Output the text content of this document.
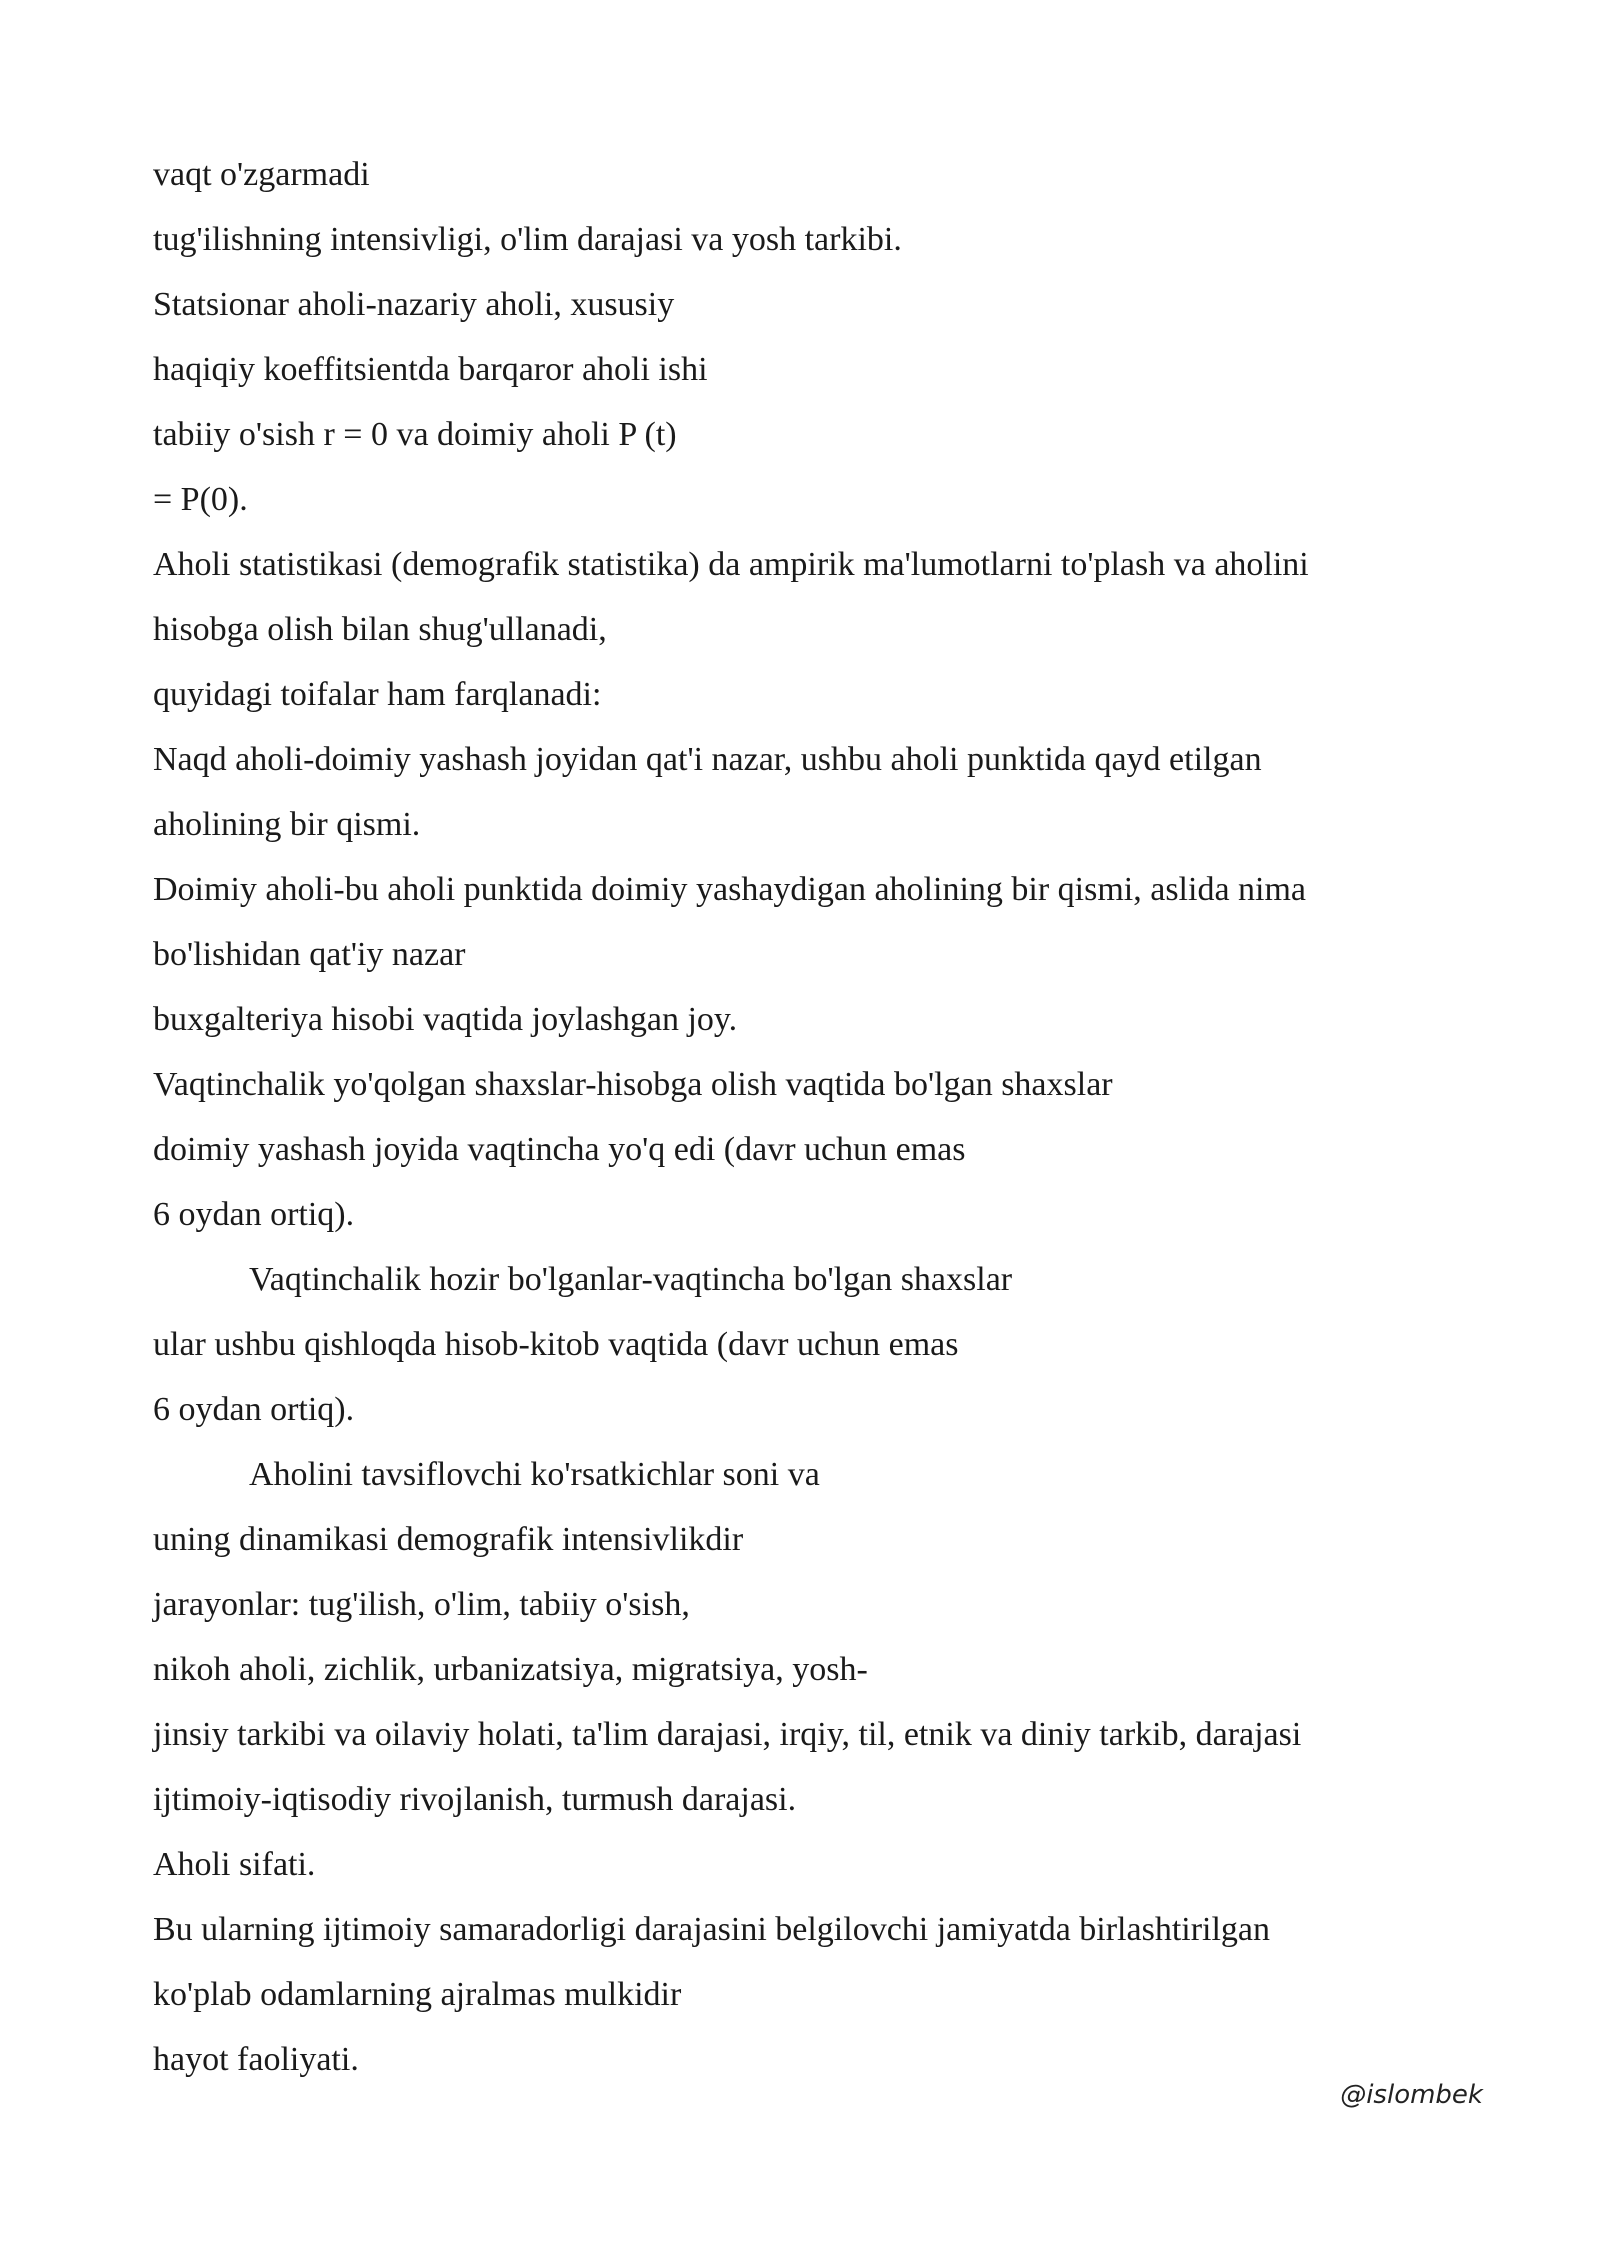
vaqt o'zgarmadi
tug'ilishning intensivligi, o'lim darajasi va yosh tarkibi.
Statsionar aholi-nazariy aholi, xususiy
haqiqiy koeffitsientda barqaror aholi ishi
tabiiy o'sish r = 0 va doimiy aholi P (t)
= P(0).
Aholi statistikasi (demografik statistika) da ampirik ma'lumotlarni to'plash va aholini
hisobga olish bilan shug'ullanadi,
quyidagi toifalar ham farqlanadi:
Naqd aholi-doimiy yashash joyidan qat'i nazar, ushbu aholi punktida qayd etilgan
aholining bir qismi.
Doimiy aholi-bu aholi punktida doimiy yashaydigan aholining bir qismi, aslida nima
bo'lishidan qat'iy nazar
buxgalteriya hisobi vaqtida joylashgan joy.
Vaqtinchalik yo'qolgan shaxslar-hisobga olish vaqtida bo'lgan shaxslar
doimiy yashash joyida vaqtincha yo'q edi (davr uchun emas
6 oydan ortiq).
Vaqtinchalik hozir bo'lganlar-vaqtincha bo'lgan shaxslar
ular ushbu qishloqda hisob-kitob vaqtida (davr uchun emas
6 oydan ortiq).
Aholini tavsiflovchi ko'rsatkichlar soni va
uning dinamikasi demografik intensivlikdir
jarayonlar: tug'ilish, o'lim, tabiiy o'sish,
nikoh aholi, zichlik, urbanizatsiya, migratsiya, yosh-
jinsiy tarkibi va oilaviy holati, ta'lim darajasi, irqiy, til, etnik va diniy tarkib, darajasi
ijtimoiy-iqtisodiy rivojlanish, turmush darajasi.
Aholi sifati.
Bu ularning ijtimoiy samaradorligi darajasini belgilovchi jamiyatda birlashtirilgan
ko'plab odamlarning ajralmas mulkidir
hayot faoliyati.
@islombek
